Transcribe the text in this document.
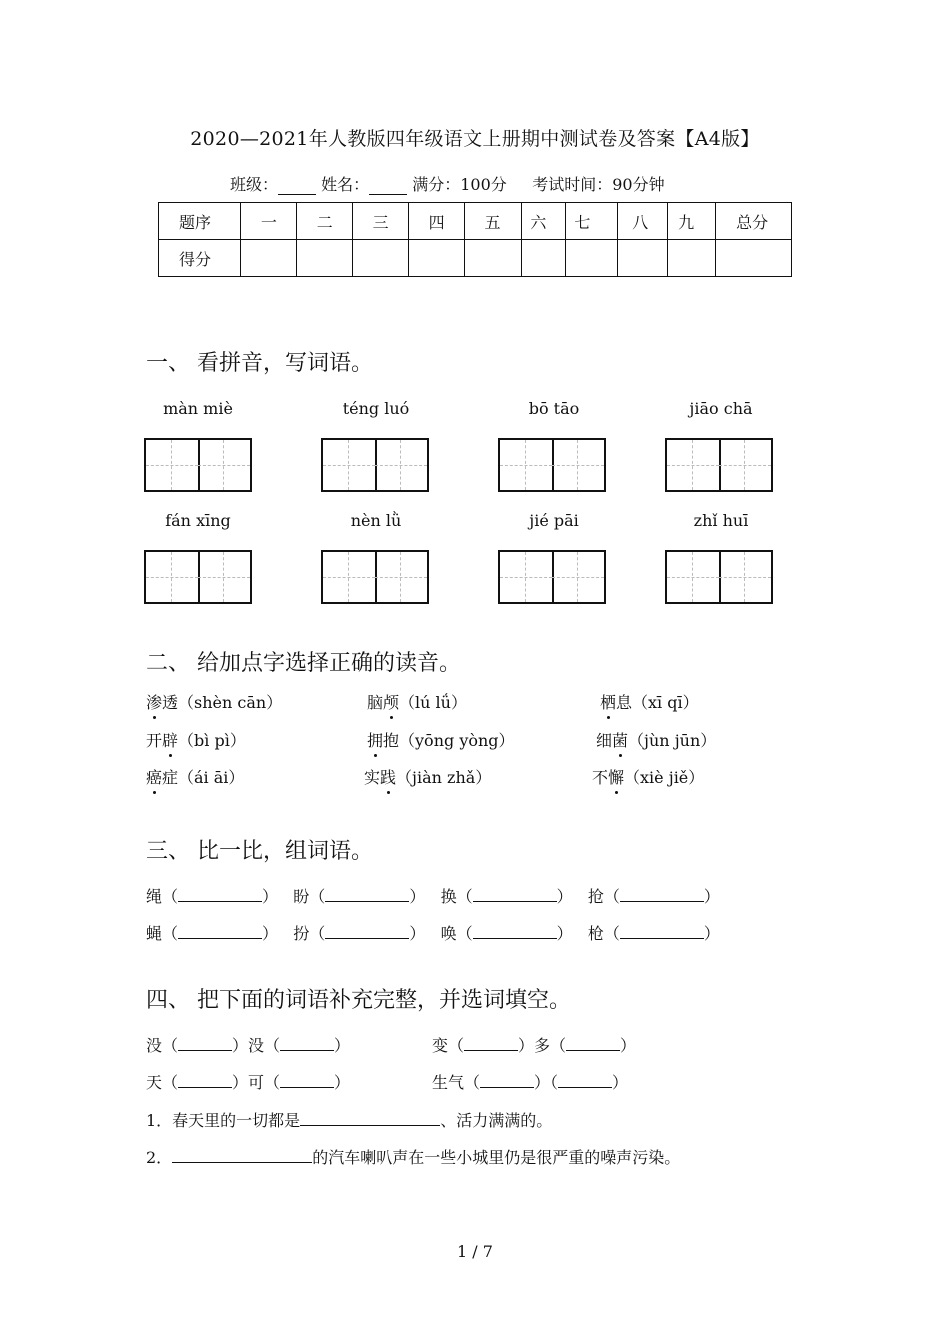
2020—2021年人教版四年级语文上册期中测试卷及答案【A4版】
班级：	姓名：	满分：100分 考试时间：90分钟
题序	一	二	三	四	五	六	七	八	九	总分
得分										
一、 看拼音，写词语。
màn miè	téng luó	bō tāo	jiāo chā
fán xīng	nèn lǜ	jié pāi	zhǐ huī
二、 给加点字选择正确的读音。
渗透（shèn cān）	脑颅（lú lǘ）	栖息（xī qī）
开辟（bì pì）	拥抱（yōng yòng）	细菌（jùn jūn）
癌症（ái āi）	实践（jiàn zhǎ）	不懈（xiè jiě）
三、 比一比，组词语。
绳（	） 盼（	） 换（	） 抢（	）
蝇（	） 扮（	） 唤（	） 枪（	）
四、 把下面的词语补充完整，并选词填空。
没（	）没（	）	变（	）多（	）
天（	）可（	）	生气（	）（	）
1．春天里的一切都是	、活力满满的。
2．	的汽车喇叭声在一些小城里仍是很严重的噪声污染。
1 / 7
